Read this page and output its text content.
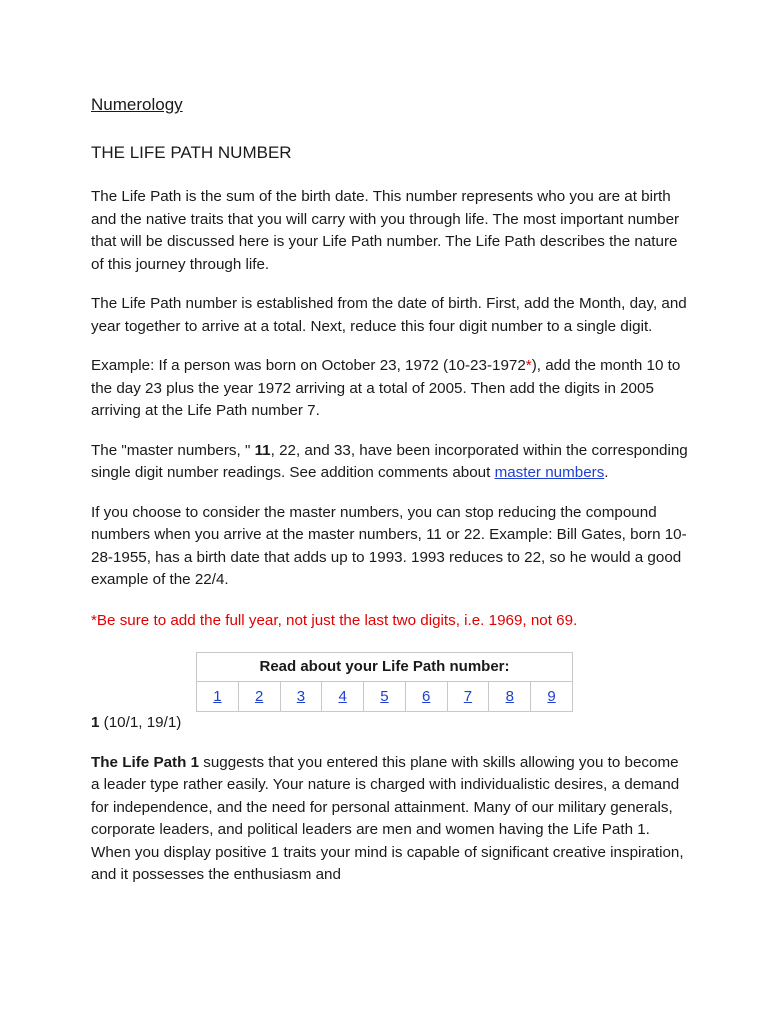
Numerology
THE LIFE PATH NUMBER

The Life Path is the sum of the birth date. This number represents who you are at birth and the native traits that you will carry with you through life. The most important number that will be discussed here is your Life Path number. The Life Path describes the nature of this journey through life.

The Life Path number is established from the date of birth. First, add the Month, day, and year together to arrive at a total. Next, reduce this four digit number to a single digit.

Example: If a person was born on October 23, 1972 (10-23-1972*), add the month 10 to the day 23 plus the year 1972 arriving at a total of 2005. Then add the digits in 2005 arriving at the Life Path number 7.

The "master numbers, " 11, 22, and 33, have been incorporated within the corresponding single digit number readings. See addition comments about master numbers.

If you choose to consider the master numbers, you can stop reducing the compound numbers when you arrive at the master numbers, 11 or 22. Example: Bill Gates, born 10-28-1955, has a birth date that adds up to 1993. 1993 reduces to 22, so he would a good example of the 22/4.

*Be sure to add the full year, not just the last two digits, i.e. 1969, not 69.

Read about your Life Path number:
1	2	3	4	5	6	7	8	9

1 (10/1, 19/1)

The Life Path 1 suggests that you entered this plane with skills allowing you to become a leader type rather easily. Your nature is charged with individualistic desires, a demand for independence, and the need for personal attainment. Many of our military generals, corporate leaders, and political leaders are men and women having the Life Path 1. When you display positive 1 traits your mind is capable of significant creative inspiration, and it possesses the enthusiasm and
